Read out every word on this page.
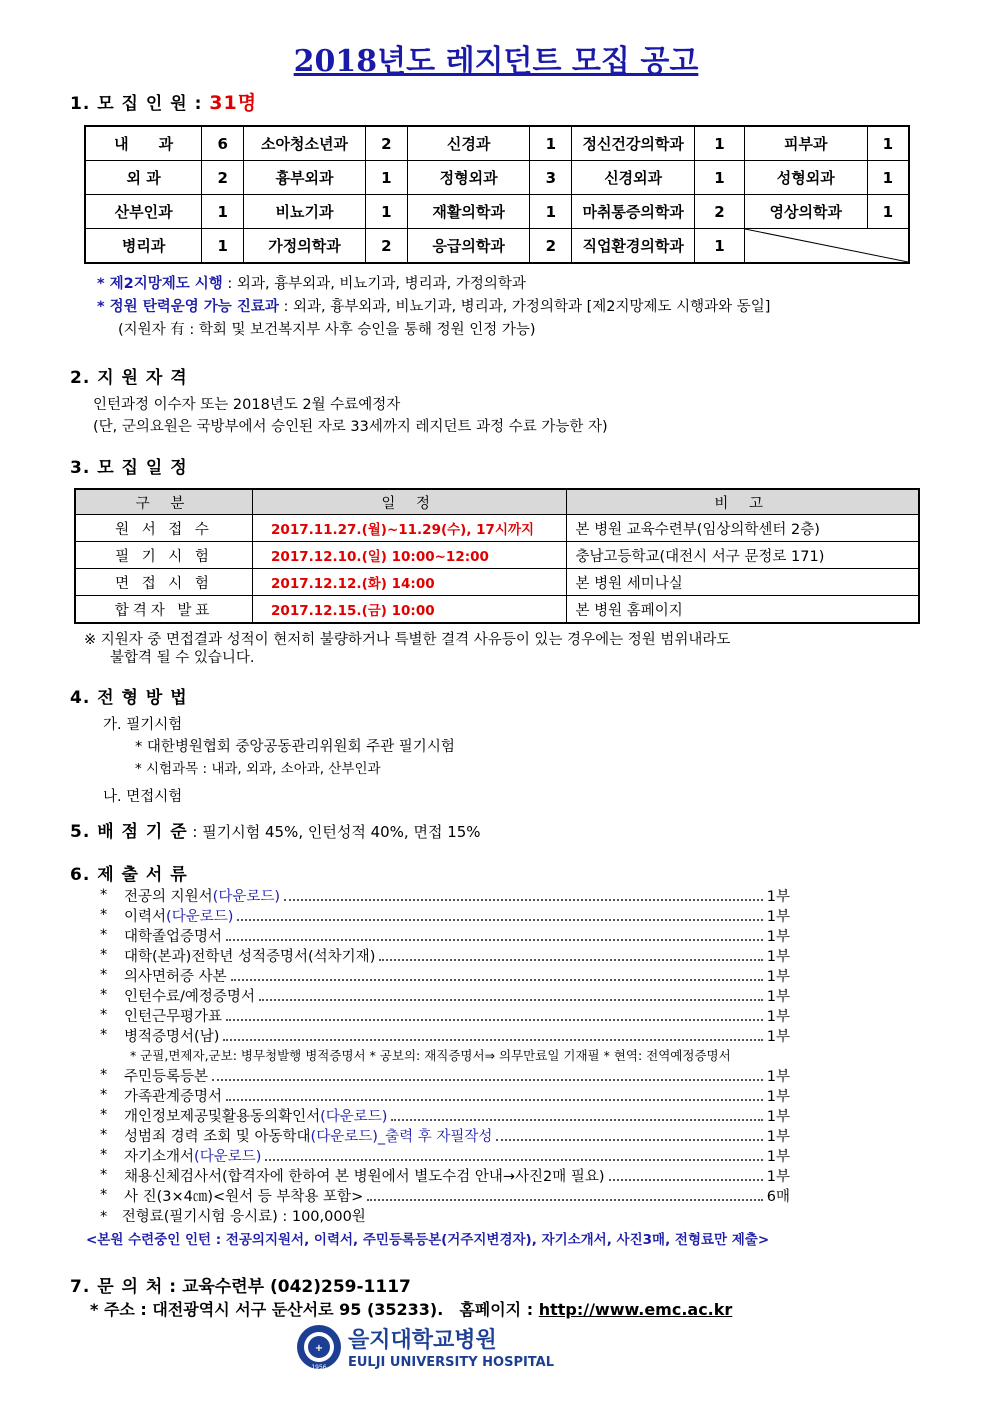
2018년도 레지던트 모집 공고
1. 모 집 인 원 : 31명
내　　과	6	소아청소년과	2	신경과	1	정신건강의학과	1	피부과	1
외 과	2	흉부외과	1	정형외과	3	신경외과	1	성형외과	1
산부인과	1	비뇨기과	1	재활의학과	1	마취통증의학과	2	영상의학과	1
병리과	1	가정의학과	2	응급의학과	2	직업환경의학과	1	
* 제2지망제도 시행 : 외과, 흉부외과, 비뇨기과, 병리과, 가정의학과
* 정원 탄력운영 가능 진료과 : 외과, 흉부외과, 비뇨기과, 병리과, 가정의학과 [제2지망제도 시행과와 동일]
(지원자 有 : 학회 및 보건복지부 사후 승인을 통해 정원 인정 가능)
2. 지 원 자 격
인턴과정 이수자 또는 2018년도 2월 수료예정자
(단, 군의요원은 국방부에서 승인된 자로 33세까지 레지던트 과정 수료 가능한 자)
3. 모 집 일 정
구 분	일 정	비 고
원 서 접 수	2017.11.27.(월)~11.29(수), 17시까지	본 병원 교육수련부(임상의학센터 2층)
필 기 시 험	2017.12.10.(일) 10:00~12:00	충남고등학교(대전시 서구 문정로 171)
면 접 시 험	2017.12.12.(화) 14:00	본 병원 세미나실
합격자 발표	2017.12.15.(금) 10:00	본 병원 홈페이지
※ 지원자 중 면접결과 성적이 현저히 불량하거나 특별한 결격 사유등이 있는 경우에는 정원 범위내라도
불합격 될 수 있습니다.
4. 전 형 방 법
가. 필기시험
* 대한병원협회 중앙공동관리위원회 주관 필기시험
* 시험과목 : 내과, 외과, 소아과, 산부인과
나. 면접시험
5. 배 점 기 준 : 필기시험 45%, 인턴성적 40%, 면접 15%
6. 제 출 서 류
*	전공의 지원서(다운로드)	1부
*	이력서(다운로드)	1부
*	대학졸업증명서	1부
*	대학(본과)전학년 성적증명서(석차기재)	1부
*	의사면허증 사본	1부
*	인턴수료/예정증명서	1부
*	인턴근무평가표	1부
*	병적증명서(남)	1부
* 군필,면제자,군보: 병무청발행 병적증명서 * 공보의: 재직증명서⇒ 의무만료일 기재필 * 현역: 전역예정증명서
*	주민등록등본	1부
*	가족관계증명서	1부
*	개인정보제공및활용동의확인서(다운로드)	1부
*	성범죄 경력 조회 및 아동학대(다운로드)_출력 후 자필작성	1부
*	자기소개서(다운로드)	1부
*	채용신체검사서(합격자에 한하여 본 병원에서 별도수검 안내→사진2매 필요)	1부
*	사 진(3×4㎝)<원서 등 부착용 포함>	6매
*　전형료(필기시험 응시료) : 100,000원
<본원 수련중인 인턴 : 전공의지원서, 이력서, 주민등록등본(거주지변경자), 자기소개서, 사진3매, 전형료만 제출>
7. 문 의 처 : 교육수련부 (042)259-1117
* 주소 : 대전광역시 서구 둔산서로 95 (35233).　홈페이지 : http://www.emc.ac.kr
+
1956
을지대학교병원
EULJI UNIVERSITY HOSPITAL
